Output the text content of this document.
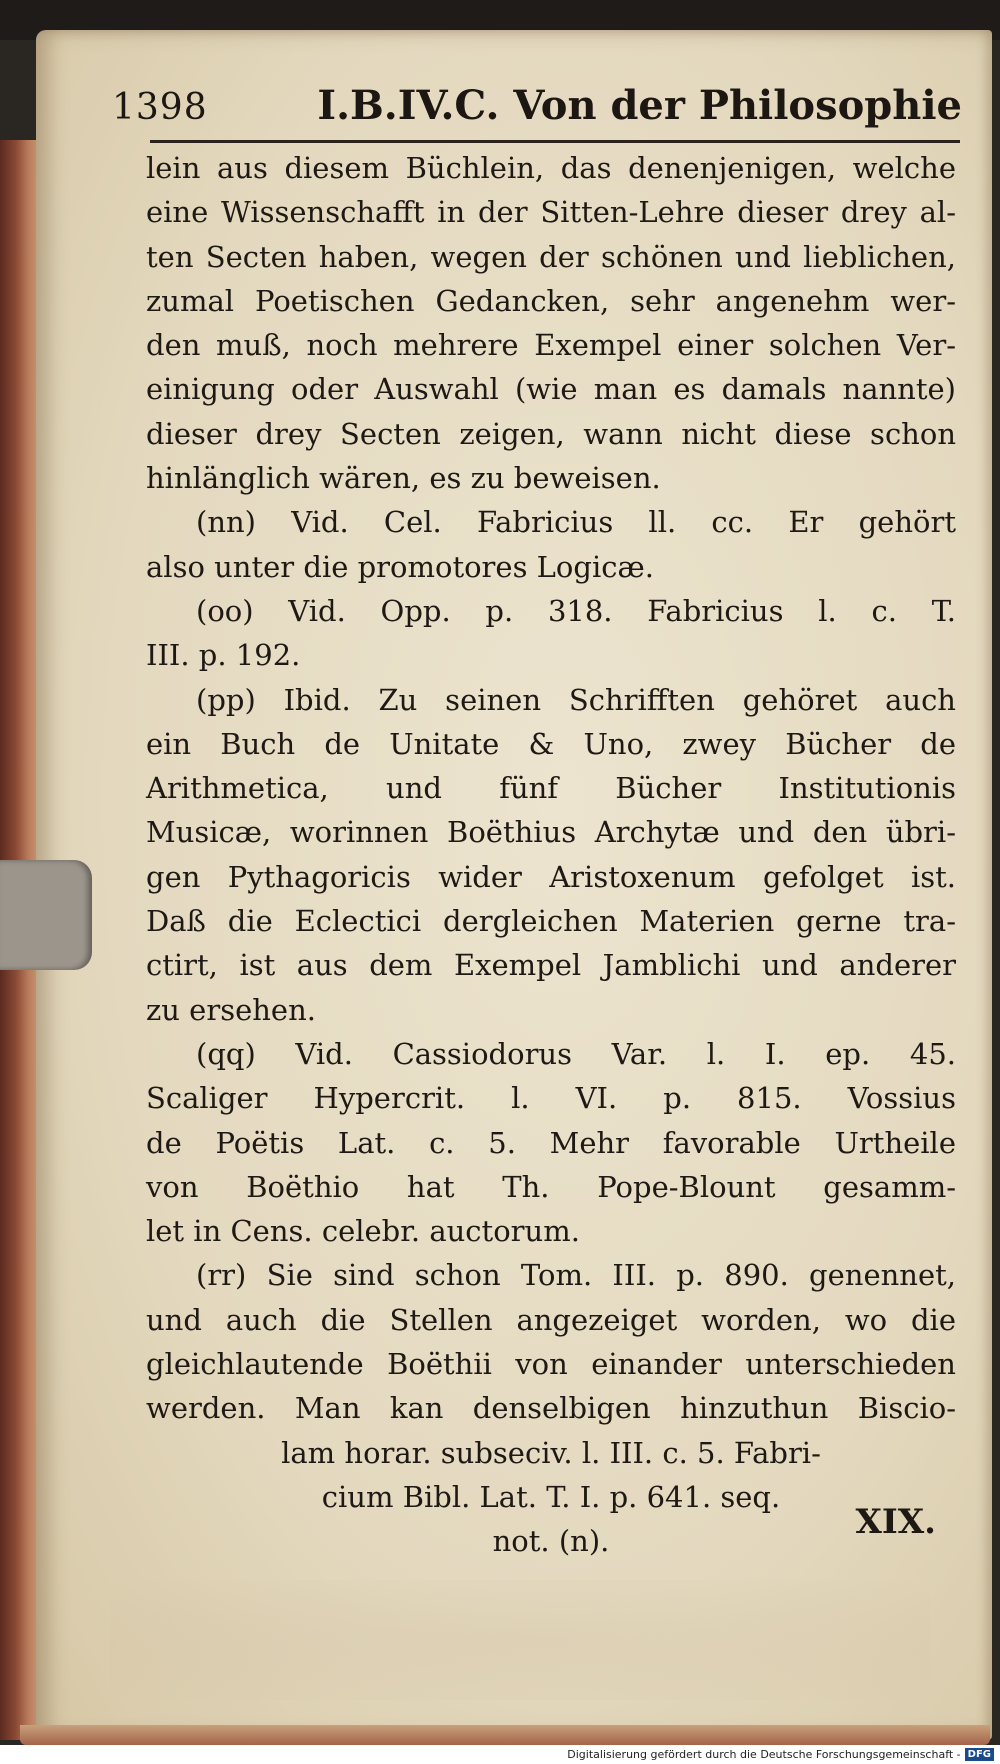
1398	I.B.IV.C. Von der Philosophie
lein aus diesem Büchlein, das denenjenigen, welche
eine Wissenschafft in der Sitten-Lehre dieser drey al-
ten Secten haben, wegen der schönen und lieblichen,
zumal Poetischen Gedancken, sehr angenehm wer-
den muß, noch mehrere Exempel einer solchen Ver-
einigung oder Auswahl (wie man es damals nannte)
dieser drey Secten zeigen, wann nicht diese schon
hinlänglich wären, es zu beweisen.
(nn) Vid. Cel. Fabricius ll. cc. Er gehört
also unter die promotores Logicæ.
(oo) Vid. Opp. p. 318. Fabricius l. c. T.
III. p. 192.
(pp) Ibid. Zu seinen Schrifften gehöret auch
ein Buch de Unitate & Uno, zwey Bücher de
Arithmetica, und fünf Bücher Institutionis
Musicæ, worinnen Boëthius Archytæ und den übri-
gen Pythagoricis wider Aristoxenum gefolget ist.
Daß die Eclectici dergleichen Materien gerne tra-
ctirt, ist aus dem Exempel Jamblichi und anderer
zu ersehen.
(qq) Vid. Cassiodorus Var. l. I. ep. 45.
Scaliger Hypercrit. l. VI. p. 815. Vossius
de Poëtis Lat. c. 5. Mehr favorable Urtheile
von Boëthio hat Th. Pope-Blount gesamm-
let in Cens. celebr. auctorum.
(rr) Sie sind schon Tom. III. p. 890. genennet,
und auch die Stellen angezeiget worden, wo die
gleichlautende Boëthii von einander unterschieden
werden. Man kan denselbigen hinzuthun Biscio-
lam horar. subseciv. l. III. c. 5. Fabri-
cium Bibl. Lat. T. I. p. 641. seq.
not. (n).	XIX.
Digitalisierung gefördert durch die Deutsche Forschungsgemeinschaft - DFG
